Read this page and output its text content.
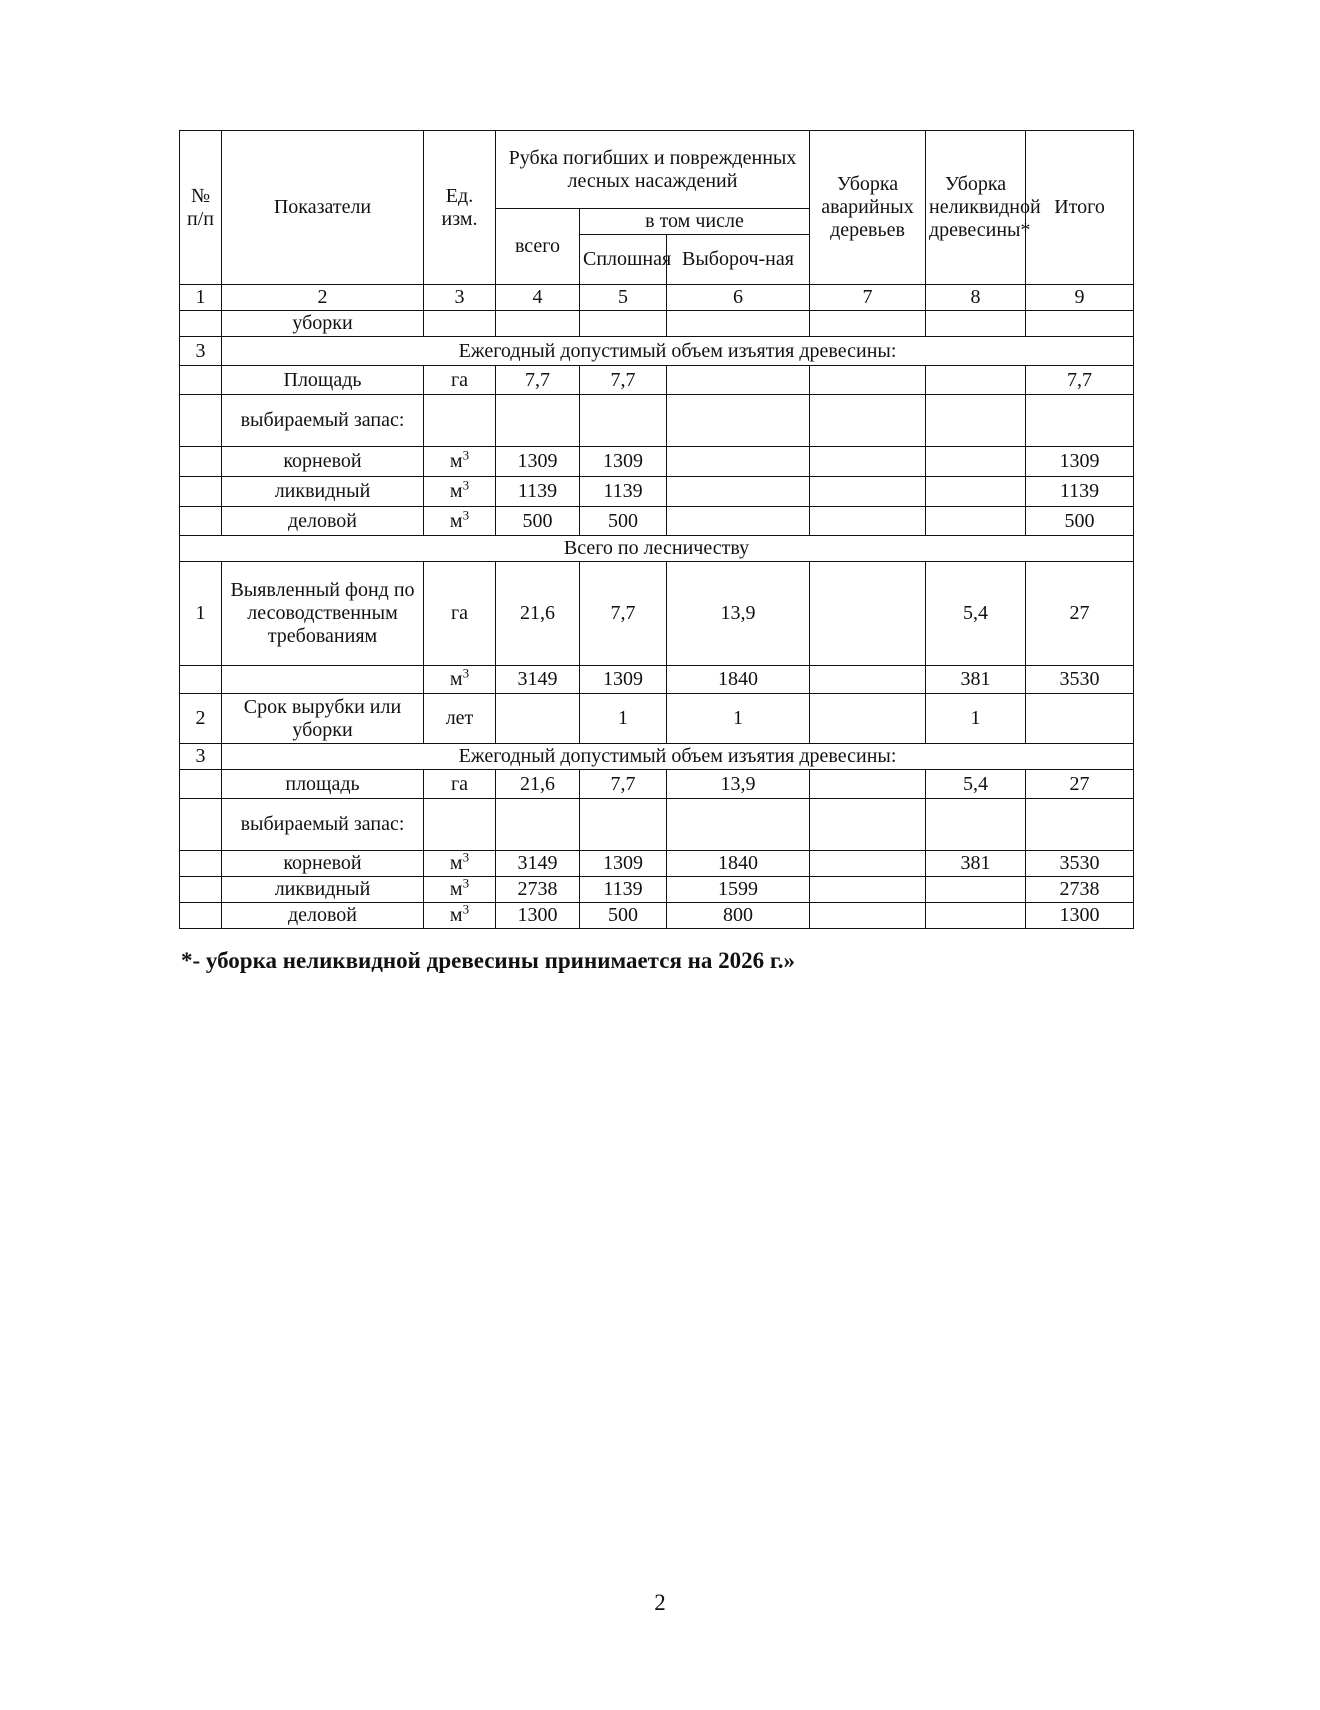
№ п/п	Показатели	Ед. изм.	Рубка погибших и поврежденных лесных насаждений			Уборка аварийных деревьев	Уборка неликвидной древесины*	Итого
			всего	в том числе				
				Сплошная	Выбороч-ная			
1	2	3	4	5	6	7	8	9
	уборки							
3	Ежегодный допустимый объем изъятия древесины:							
	Площадь	га	7,7	7,7				7,7
	выбираемый запас:							
	корневой	$м^3$	1309	1309				1309
	ликвидный	$м^3$	1139	1139				1139
	деловой	$м^3$	500	500				500
Всего по лесничеству								
1	Выявленный фонд по лесоводственным требованиям	га	21,6	7,7	13,9		5,4	27
		$м^3$	3149	1309	1840		381	3530
2	Срок вырубки или уборки	лет		1	1		1	
3	Ежегодный допустимый объем изъятия древесины:							
	площадь	га	21,6	7,7	13,9		5,4	27
	выбираемый запас:							
	корневой	$м^3$	3149	1309	1840		381	3530
	ликвидный	$м^3$	2738	1139	1599			2738
	деловой	$м^3$	1300	500	800			1300
*- уборка неликвидной древесины принимается на 2026 г.»
2
